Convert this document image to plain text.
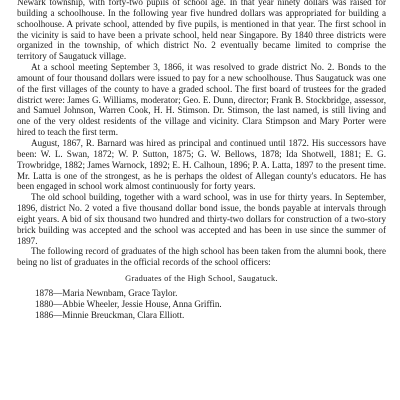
Newark township, with forty-two pupils of school age. In that year ninety dollars was raised for building a schoolhouse. In the following year five hundred dollars was appropriated for building a schoolhouse. A private school, attended by five pupils, is mentioned in that year. The first school in the vicinity is said to have been a private school, held near Singapore. By 1840 three districts were organized in the township, of which district No. 2 eventually became limited to comprise the territory of Saugatuck village.

At a school meeting September 3, 1866, it was resolved to grade district No. 2. Bonds to the amount of four thousand dollars were issued to pay for a new schoolhouse. Thus Saugatuck was one of the first villages of the county to have a graded school. The first board of trustees for the graded district were: James G. Williams, moderator; Geo. E. Dunn, director; Frank B. Stockbridge, assessor, and Samuel Johnson, Warren Cook, H. H. Stimson. Dr. Stimson, the last named, is still living and one of the very oldest residents of the village and vicinity. Clara Stimpson and Mary Porter were hired to teach the first term.

August, 1867, R. Barnard was hired as principal and continued until 1872. His successors have been: W. L. Swan, 1872; W. P. Sutton, 1875; G. W. Bellows, 1878; Ida Shotwell, 1881; E. G. Trowbridge, 1882; James Warnock, 1892; E. H. Calhoun, 1896; P. A. Latta, 1897 to the present time. Mr. Latta is one of the strongest, as he is perhaps the oldest of Allegan county's educators. He has been engaged in school work almost continuously for forty years.

The old school building, together with a ward school, was in use for thirty years. In September, 1896, district No. 2 voted a five thousand dollar bond issue, the bonds payable at intervals through eight years. A bid of six thousand two hundred and thirty-two dollars for construction of a two-story brick building was accepted and the school was accepted and has been in use since the summer of 1897.

The following record of graduates of the high school has been taken from the alumni book, there being no list of graduates in the official records of the school officers:

Graduates of the High School, Saugatuck.
1878—Maria Newnbam, Grace Taylor.
1880—Abbie Wheeler, Jessie House, Anna Griffin.
1886—Minnie Breuckman, Clara Elliott.
